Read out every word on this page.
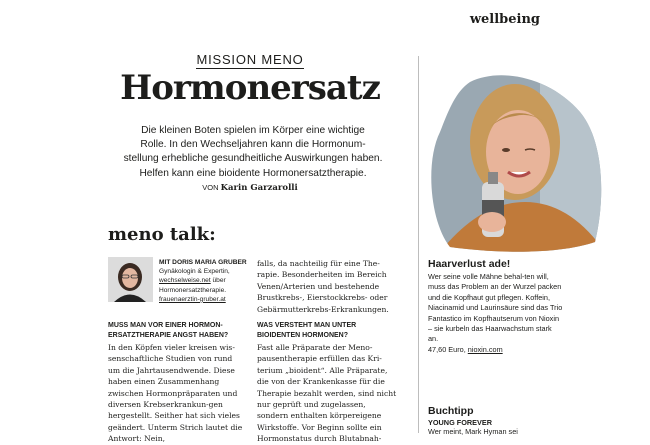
wellbeing
MISSION MENO
Hormonersatz
Die kleinen Boten spielen im Körper eine wichtige
Rolle. In den Wechseljahren kann die Hormonum-
stellung erhebliche gesundheitliche Auswirkungen haben.
Helfen kann eine bioidente Hormonersatztherapie.
VON Karin Garzarolli
meno talk:
MIT DORIS MARIA GRUBER
Gynäkologin & Expertin,
wechselweise.net über
Hormonersatztherapie.
frauenaerztin-gruber.at
MUSS MAN VOR EINER HORMON-ERSATZTHERAPIE ANGST HABEN?
In den Köpfen vieler kreisen wis-senschaftliche Studien von rund um die Jahrtausendwende. Diese haben einen Zusammenhang zwischen Hormonpräparaten und diversen Krebserkrankun-gen hergestellt. Seither hat sich vieles geändert. Unterm Strich lautet die Antwort: Nein,
falls, da nachteilig für eine The-rapie. Besonderheiten im Bereich Venen/Arterien und bestehende Brustkrebs-, Eierstockkrebs- oder Gebärmutterkrebs-Erkrankungen.
WAS VERSTEHT MAN UNTER BIOIDENTEN HORMONEN?
Fast alle Präparate der Meno-pausentherapie erfüllen das Kri-terium „bioident“. Alle Präparate, die von der Krankenkasse für die Therapie bezahlt werden, sind nicht nur geprüft und zugelassen, sondern enthalten körpereigene Wirkstoffe. Vor Beginn sollte ein Hormonstatus durch Blutabnah-
Haarverlust ade!
Wer seine volle Mähne behal-ten will, muss das Problem an der Wurzel packen und die Kopfhaut gut pflegen. Koffein, Niacinamid und Laurinsäure sind das Trio Fantastico im Kopfhautserum von Nioxin – sie kurbeln das Haarwachstum stark an.
47,60 Euro, nioxin.com
Buchtipp
YOUNG FOREVER
Wer meint, Mark Hyman sei
